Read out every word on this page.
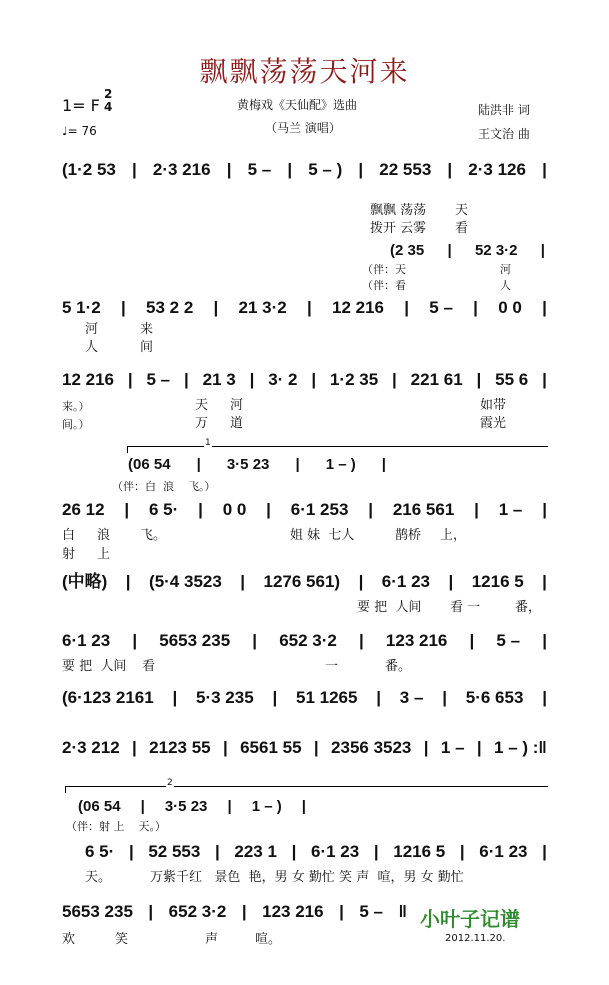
飘飘荡荡天河来
1= F
2
4
♩= 76
黄梅戏《天仙配》选曲
（马兰 演唱）
陆洪非 词
王文治 曲
(1·2 53 | 2·3 216 | 5 – | 5 – ) | 22 553 | 2·3 126 |
飘飘 荡荡 天
拨开 云雾 看
(2 35 | 52 3·2 |
（伴：天	河
（伴：看	人
5 1·2 | 53 2 2 | 21 3·2 | 12 216 | 5 – | 0 0 |
河	来
人	间
12 216 | 5 – | 21 3 | 3· 2 | 1·2 35 | 221 61 | 55 6 |
来。）	天 河	如带
间。）	万 道	霞光
1
(06 54 | 3·5 23 | 1 – ) |
（伴：白  浪    飞。）
26 12 | 6 5· | 0 0 | 6·1 253 | 216 561 | 1 – |
白 浪 飞。	姐 妹  七人	鹊桥 上，
射 上
(中略) | (5·4 3523 | 1276 561) | 6·1 23 | 1216 5 |
要 把  人间 看 一	番，
6·1 23 | 5653 235 | 652 3·2 | 123 216 | 5 – |
要 把  人间 看	一	番。
(6·123 2161 | 5·3 235 | 51 1265 | 3 – | 5·6 653 |
2·3 212 | 2123 55 | 6561 55 | 2356 3523 | 1 – | 1 – ) :‖
2
(06 54 | 3·5 23 | 1 – ) |
（伴：射 上    天。）
6 5· | 52 553 | 223 1 | 6·1 23 | 1216 5 | 6·1 23 |
天。	万紫千红   景色  艳，男 女 勤忙 笑 声  喧，男 女 勤忙
5653 235 | 652 3·2 | 123 216 | 5 – ‖
欢	笑	声	喧。
小叶子记谱
2012.11.20.
